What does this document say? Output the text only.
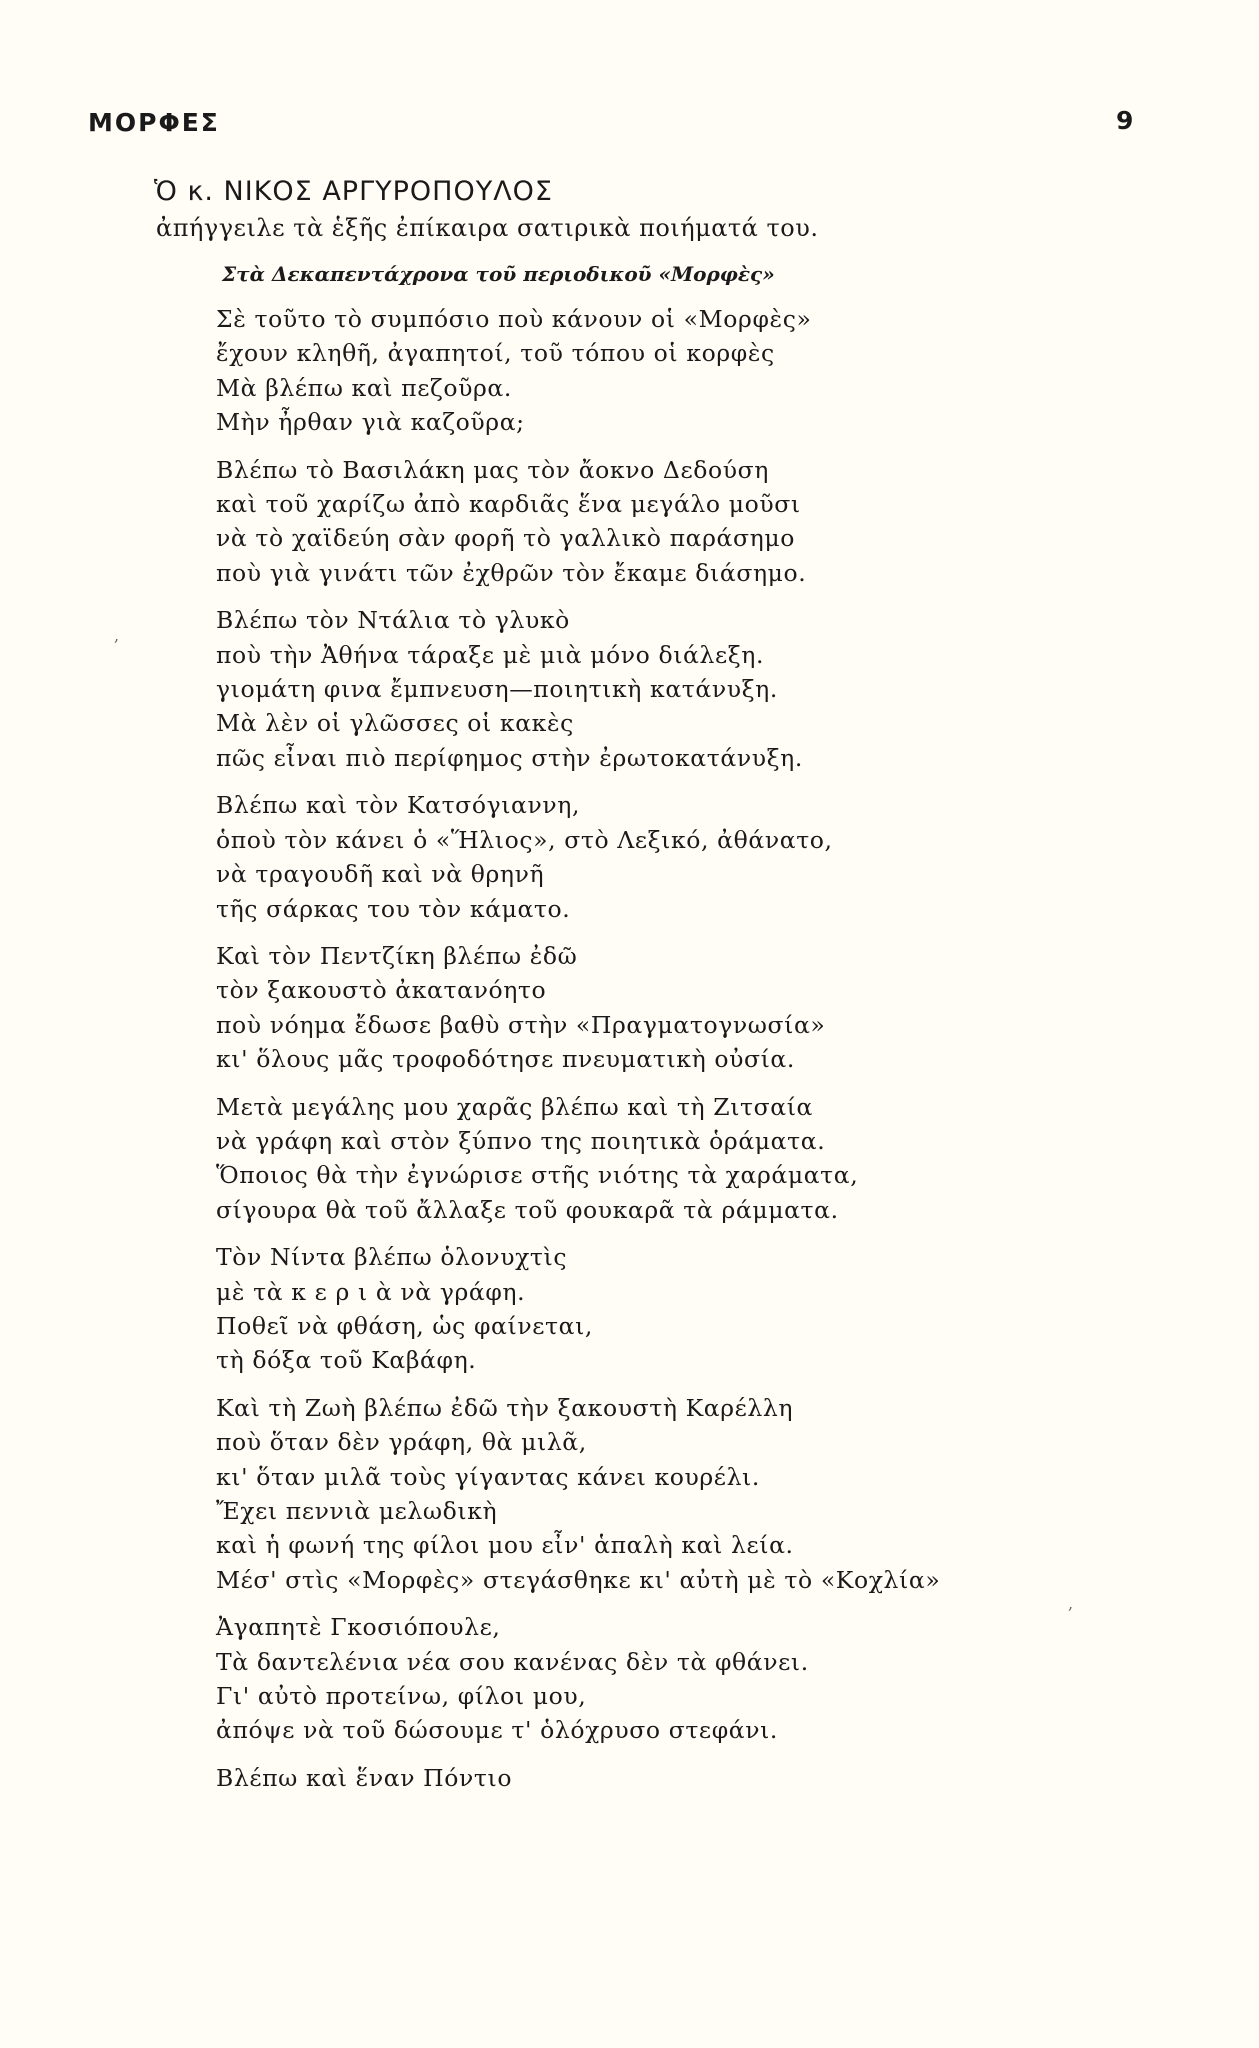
ΜΟΡΦΕΣ	9
Ὁ κ. ΝΙΚΟΣ ΑΡΓΥΡΟΠΟΥΛΟΣ
ἀπήγγειλε τὰ ἑξῆς ἐπίκαιρα σατιρικὰ ποιήματά του.
Στὰ Δεκαπεντάχρονα τοῦ περιοδικοῦ «Μορφὲς»
Σὲ τοῦτο τὸ συμπόσιο ποὺ κάνουν οἱ «Μορφὲς»
ἔχουν κληθῆ, ἀγαπητοί, τοῦ τόπου οἱ κορφὲς
Μὰ βλέπω καὶ πεζοῦρα.
Μὴν ἦρθαν γιὰ καζοῦρα;
Βλέπω τὸ Βασιλάκη μας τὸν ἄοκνο Δεδούση
καὶ τοῦ χαρίζω ἀπὸ καρδιᾶς ἕνα μεγάλο μοῦσι
νὰ τὸ χαϊδεύη σὰν φορῆ τὸ γαλλικὸ παράσημο
ποὺ γιὰ γινάτι τῶν ἐχθρῶν τὸν ἔκαμε διάσημο.
Βλέπω τὸν Ντάλια τὸ γλυκὸ
ποὺ τὴν Ἀθήνα τάραξε μὲ μιὰ μόνο διάλεξη.
γιομάτη φινα ἔμπνευση—ποιητικὴ κατάνυξη.
Μὰ λὲν οἱ γλῶσσες οἱ κακὲς
πῶς εἶναι πιὸ περίφημος στὴν ἐρωτοκατάνυξη.
Βλέπω καὶ τὸν Κατσόγιαννη,
ὁποὺ τὸν κάνει ὁ «Ἥλιος», στὸ Λεξικό, ἀθάνατο,
νὰ τραγουδῆ καὶ νὰ θρηνῆ
τῆς σάρκας του τὸν κάματο.
Καὶ τὸν Πεντζίκη βλέπω ἐδῶ
τὸν ξακουστὸ ἀκατανόητο
ποὺ νόημα ἔδωσε βαθὺ στὴν «Πραγματογνωσία»
κι' ὅλους μᾶς τροφοδότησε πνευματικὴ οὐσία.
Μετὰ μεγάλης μου χαρᾶς βλέπω καὶ τὴ Ζιτσαία
νὰ γράφη καὶ στὸν ξύπνο της ποιητικὰ ὁράματα.
Ὅποιος θὰ τὴν ἐγνώρισε στῆς νιότης τὰ χαράματα,
σίγουρα θὰ τοῦ ἄλλαξε τοῦ φουκαρᾶ τὰ ράμματα.
Τὸν Νίντα βλέπω ὁλονυχτὶς
μὲ τὰ κ ε ρ ι ὰ νὰ γράφη.
Ποθεῖ νὰ φθάση, ὡς φαίνεται,
τὴ δόξα τοῦ Καβάφη.
Καὶ τὴ Ζωὴ βλέπω ἐδῶ τὴν ξακουστὴ Καρέλλη
ποὺ ὅταν δὲν γράφη, θὰ μιλᾶ,
κι' ὅταν μιλᾶ τοὺς γίγαντας κάνει κουρέλι.
Ἔχει πεννιὰ μελωδικὴ
καὶ ἡ φωνή της φίλοι μου εἶν' ἁπαλὴ καὶ λεία.
Μέσ' στὶς «Μορφὲς» στεγάσθηκε κι' αὐτὴ μὲ τὸ «Κοχλία»
Ἀγαπητὲ Γκοσιόπουλε,
Τὰ δαντελένια νέα σου κανένας δὲν τὰ φθάνει.
Γι' αὐτὸ προτείνω, φίλοι μου,
ἀπόψε νὰ τοῦ δώσουμε τ' ὁλόχρυσο στεφάνι.
Βλέπω καὶ ἕναν Πόντιο
,
,
